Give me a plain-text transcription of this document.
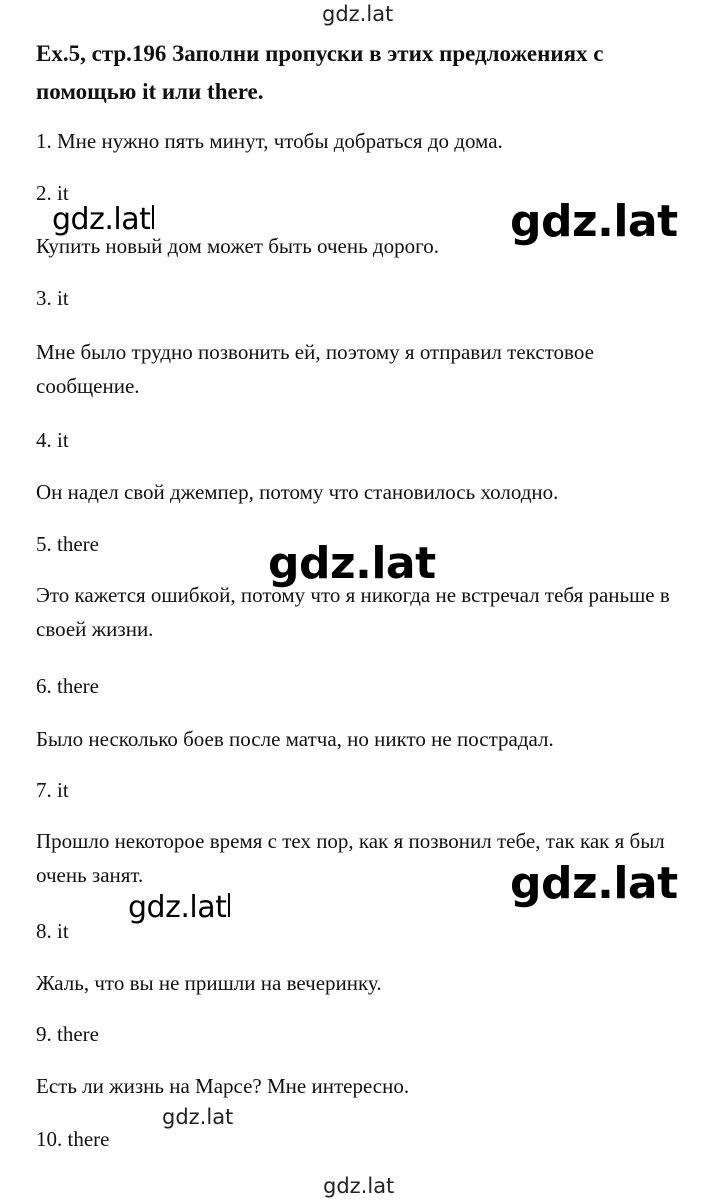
gdz.lat
gdz.lat
Ex.5, стр.196 Заполни пропуски в этих предложениях с помощью it или there.
1. Мне нужно пять минут, чтобы добраться до дома.
2. it
Купить новый дом может быть очень дорого.
3. it
Мне было трудно позвонить ей, поэтому я отправил текстовое сообщение.
4. it
Он надел свой джемпер, потому что становилось холодно.
5. there
Это кажется ошибкой, потому что я никогда не встречал тебя раньше в своей жизни.
6. there
Было несколько боев после матча, но никто не пострадал.
7. it
Прошло некоторое время с тех пор, как я позвонил тебе, так как я был очень занят.
8. it
Жаль, что вы не пришли на вечеринку.
9. there
Есть ли жизнь на Марсе? Мне интересно.
10. there
gdz.lat	gdz.lat
gdz.lat
gdz.lat
gdz.lat
gdz.lat
